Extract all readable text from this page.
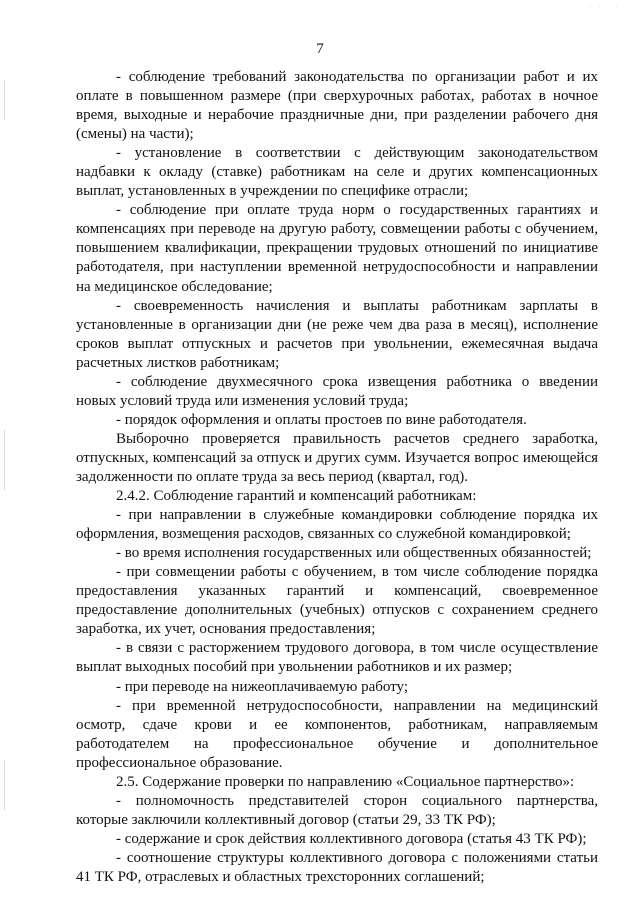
· · · ·
7

- соблюдение требований законодательства по организации работ и их оплате в повышенном размере (при сверхурочных работах, работах в ночное время, выходные и нерабочие праздничные дни, при разделении рабочего дня (смены) на части);

- установление в соответствии с действующим законодательством надбавки к окладу (ставке) работникам на селе и других компенсационных выплат, установленных в учреждении по специфике отрасли;

- соблюдение при оплате труда норм о государственных гарантиях и компенсациях при переводе на другую работу, совмещении работы с обучением, повышением квалификации, прекращении трудовых отношений по инициативе работодателя, при наступлении временной нетрудоспособности и направлении на медицинское обследование;

- своевременность начисления и выплаты работникам зарплаты в установленные в организации дни (не реже чем два раза в месяц), исполнение сроков выплат отпускных и расчетов при увольнении, ежемесячная выдача расчетных листков работникам;

- соблюдение двухмесячного срока извещения работника о введении новых условий труда или изменения условий труда;

- порядок оформления и оплаты простоев по вине работодателя.

Выборочно проверяется правильность расчетов среднего заработка, отпускных, компенсаций за отпуск и других сумм. Изучается вопрос имеющейся задолженности по оплате труда за весь период (квартал, год).

2.4.2. Соблюдение гарантий и компенсаций работникам:

- при направлении в служебные командировки соблюдение порядка их оформления, возмещения расходов, связанных со служебной командировкой;

- во время исполнения государственных или общественных обязанностей;

- при совмещении работы с обучением, в том числе соблюдение порядка предоставления указанных гарантий и компенсаций, своевременное предоставление дополнительных (учебных) отпусков с сохранением среднего заработка, их учет, основания предоставления;

- в связи с расторжением трудового договора, в том числе осуществление выплат выходных пособий при увольнении работников и их размер;

- при переводе на нижеоплачиваемую работу;

- при временной нетрудоспособности, направлении на медицинский осмотр, сдаче крови и ее компонентов, работникам, направляемым работодателем на профессиональное обучение и дополнительное профессиональное образование.

2.5. Содержание проверки по направлению «Социальное партнерство»:

- полномочность представителей сторон социального партнерства, которые заключили коллективный договор (статьи 29, 33 ТК РФ);

- содержание и срок действия коллективного договора (статья 43 ТК РФ);

- соотношение структуры коллективного договора с положениями статьи 41 ТК РФ, отраслевых и областных трехсторонних соглашений;
